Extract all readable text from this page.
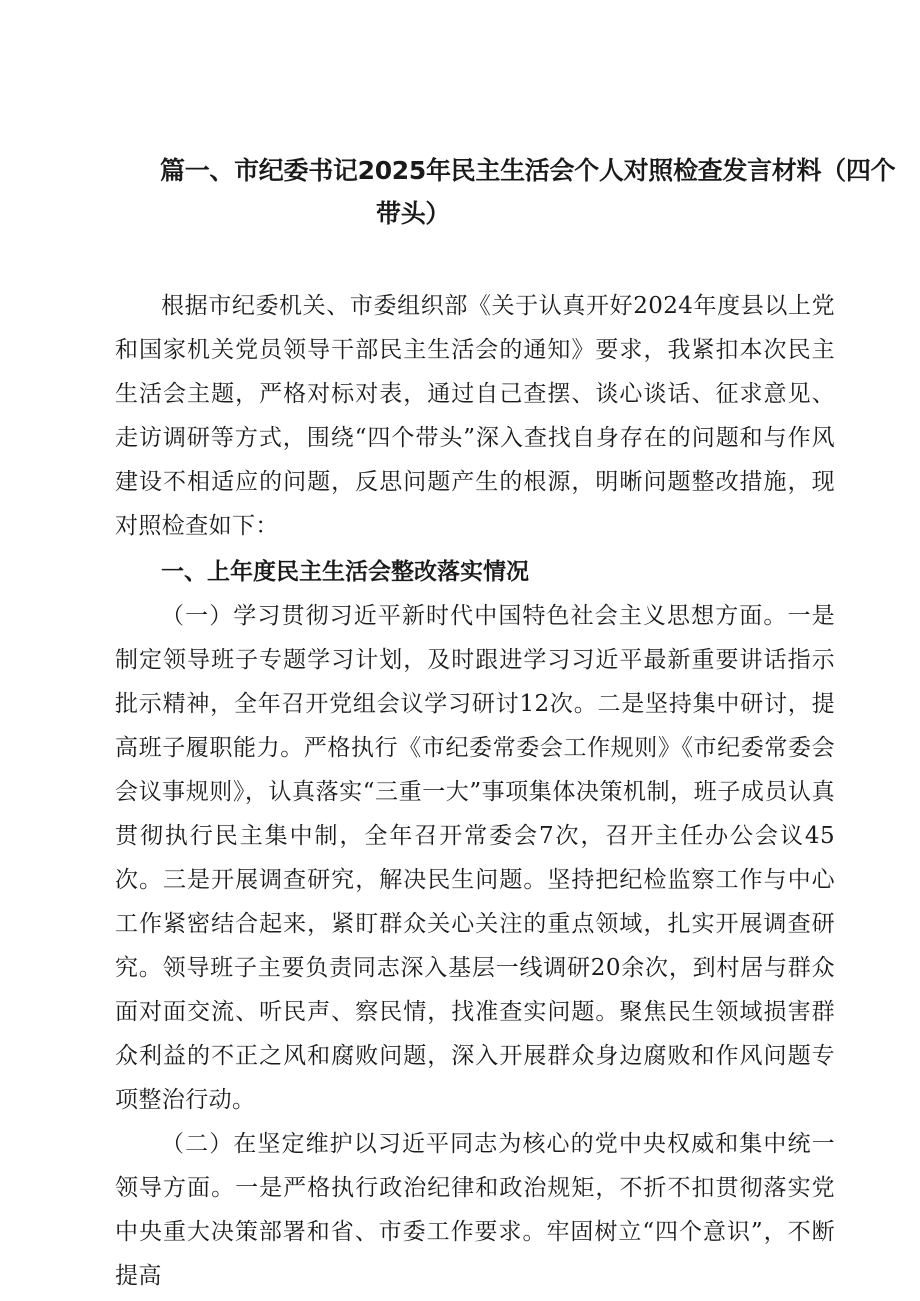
篇一、市纪委书记2025年民主生活会个人对照检查发言材料（四个
带头）

根据市纪委机关、市委组织部《关于认真开好2024年度县以上党和国家机关党员领导干部民主生活会的通知》要求，我紧扣本次民主生活会主题，严格对标对表，通过自己查摆、谈心谈话、征求意见、走访调研等方式，围绕“四个带头”深入查找自身存在的问题和与作风建设不相适应的问题，反思问题产生的根源，明晰问题整改措施，现对照检查如下：

一、上年度民主生活会整改落实情况

（一）学习贯彻习近平新时代中国特色社会主义思想方面。一是制定领导班子专题学习计划，及时跟进学习习近平最新重要讲话指示批示精神，全年召开党组会议学习研讨12次。二是坚持集中研讨，提高班子履职能力。严格执行《市纪委常委会工作规则》《市纪委常委会会议事规则》，认真落实“三重一大”事项集体决策机制，班子成员认真贯彻执行民主集中制，全年召开常委会7次，召开主任办公会议45次。三是开展调查研究，解决民生问题。坚持把纪检监察工作与中心工作紧密结合起来，紧盯群众关心关注的重点领域，扎实开展调查研究。领导班子主要负责同志深入基层一线调研20余次，到村居与群众面对面交流、听民声、察民情，找准查实问题。聚焦民生领域损害群众利益的不正之风和腐败问题，深入开展群众身边腐败和作风问题专项整治行动。

（二）在坚定维护以习近平同志为核心的党中央权威和集中统一领导方面。一是严格执行政治纪律和政治规矩，不折不扣贯彻落实党中央重大决策部署和省、市委工作要求。牢固树立“四个意识”，不断提高
